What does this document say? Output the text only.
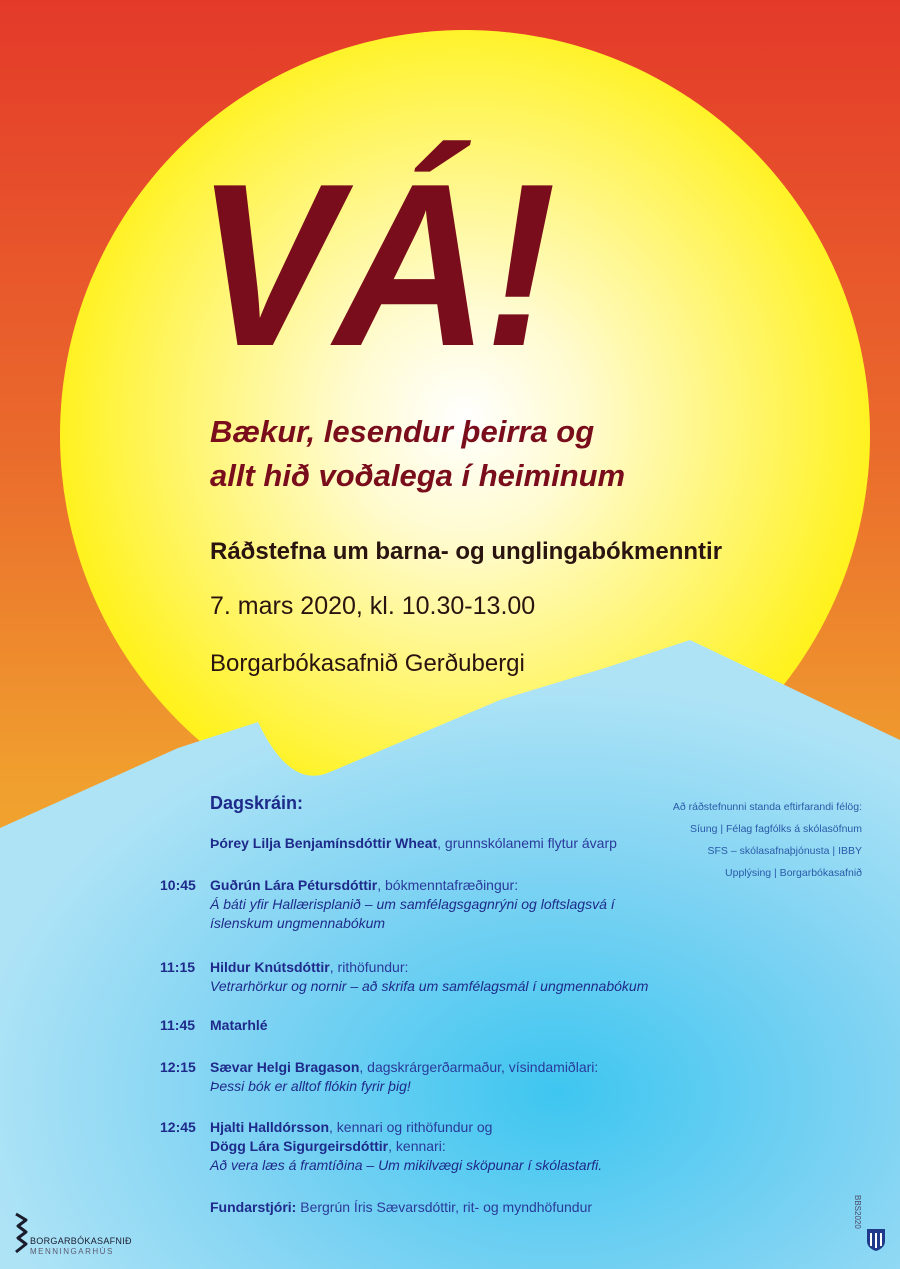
VÁ!
Bækur, lesendur þeirra og
allt hið voðalega í heiminum
Ráðstefna um barna- og unglingabókmenntir
7. mars 2020, kl. 10.30-13.00
Borgarbókasafnið Gerðubergi
Dagskráin:
Þórey Lilja Benjamínsdóttir Wheat, grunnskólanemi flytur ávarp
10:45	Guðrún Lára Pétursdóttir, bókmenntafræðingur:
Á báti yfir Hallærisplanið – um samfélagsgagnrýni og loftslagsvá í íslenskum ungmennabókum
11:15	Hildur Knútsdóttir, rithöfundur:
Vetrarhörkur og nornir – að skrifa um samfélagsmál í ungmennabókum
11:45	Matarhlé
12:15	Sævar Helgi Bragason, dagskrárgerðarmaður, vísindamiðlari:
Þessi bók er alltof flókin fyrir þig!
12:45	Hjalti Halldórsson, kennari og rithöfundur og
Dögg Lára Sigurgeirsdóttir, kennari:
Að vera læs á framtíðina – Um mikilvægi sköpunar í skólastarfi.
Fundarstjóri: Bergrún Íris Sævarsdóttir, rit- og myndhöfundur
Að ráðstefnunni standa eftirfarandi félög:
Síung | Félag fagfólks á skólasöfnum
SFS – skólasafnaþjónusta | IBBY
Upplýsing | Borgarbókasafnið
BORGARBÓKASAFNIÐ
MENNINGARHÚS
BBS2020
